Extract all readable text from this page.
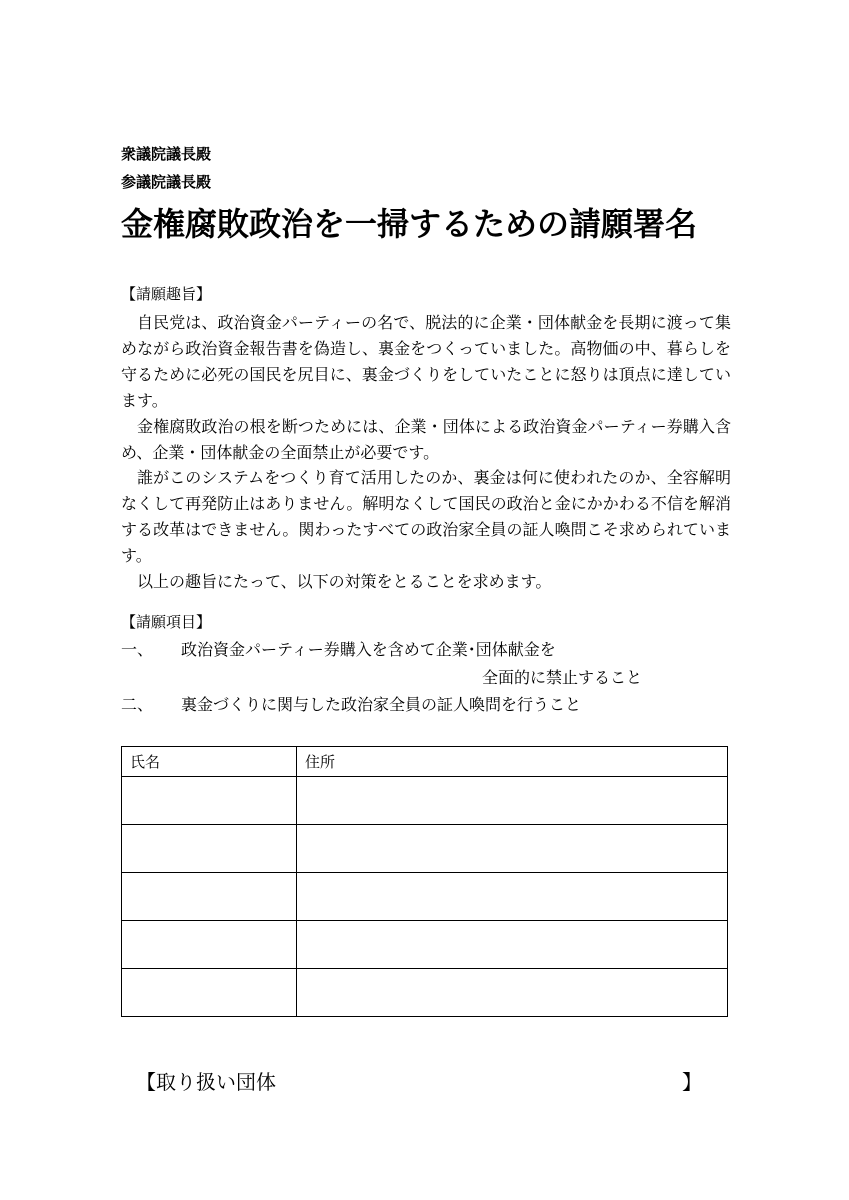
衆議院議長殿
参議院議長殿
金権腐敗政治を一掃するための請願署名
【請願趣旨】

自民党は、政治資金パーティーの名で、脱法的に企業・団体献金を長期に渡って集めながら政治資金報告書を偽造し、裏金をつくっていました。高物価の中、暮らしを守るために必死の国民を尻目に、裏金づくりをしていたことに怒りは頂点に達しています。

金権腐敗政治の根を断つためには、企業・団体による政治資金パーティー券購入含め、企業・団体献金の全面禁止が必要です。

誰がこのシステムをつくり育て活用したのか、裏金は何に使われたのか、全容解明なくして再発防止はありません。解明なくして国民の政治と金にかかわる不信を解消する改革はできません。関わったすべての政治家全員の証人喚問こそ求められています。

以上の趣旨にたって、以下の対策をとることを求めます。

【請願項目】
一、 政治資金パーティー券購入を含めて企業･団体献金を
全面的に禁止すること
二、 裏金づくりに関与した政治家全員の証人喚問を行うこと
氏名	住所

【取り扱い団体	】
